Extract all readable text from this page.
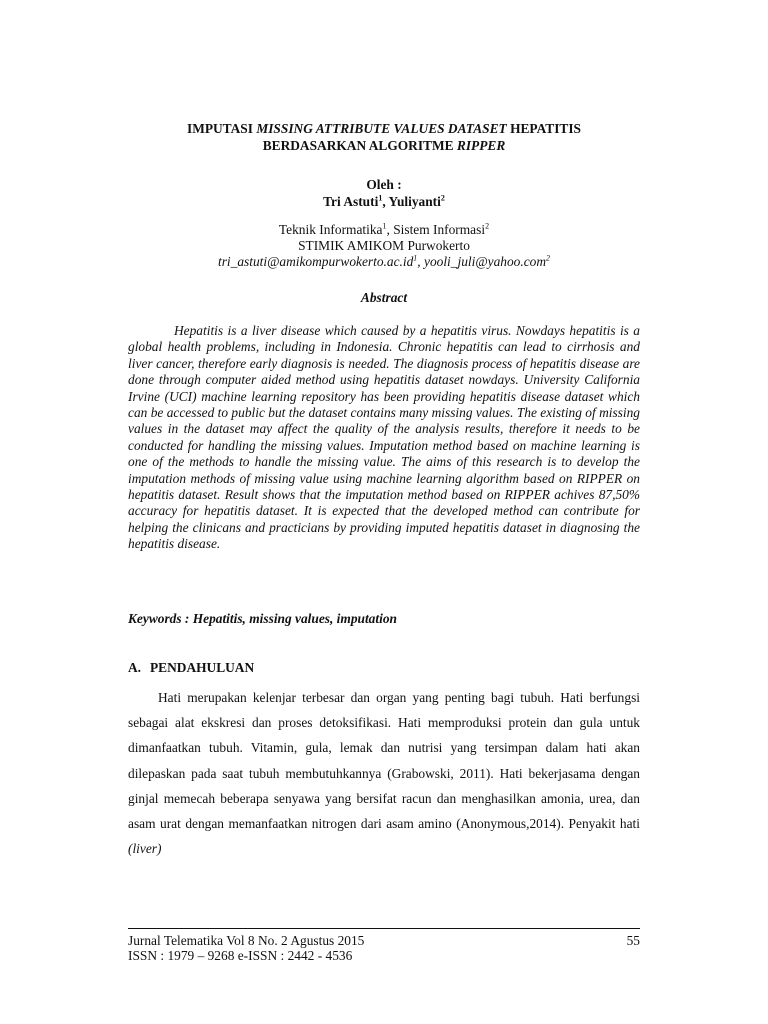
IMPUTASI MISSING ATTRIBUTE VALUES DATASET HEPATITIS
BERDASARKAN ALGORITME RIPPER
Oleh :
Tri Astuti$^1$, Yuliyanti$^2$
Teknik Informatika$^1$, Sistem Informasi$^2$
STIMIK AMIKOM Purwokerto
$tri\_astuti@amikompurwokerto.ac.id^1$, yooli_juli@yahoo.com$^2$
Abstract

Hepatitis is a liver disease which caused by a hepatitis virus. Nowdays hepatitis is a global health problems, including in Indonesia. Chronic hepatitis can lead to cirrhosis and liver cancer, therefore early diagnosis is needed. The diagnosis process of hepatitis disease are done through computer aided method using hepatitis dataset nowdays. University California Irvine (UCI) machine learning repository has been providing hepatitis disease dataset which can be accessed to public but the dataset contains many missing values. The existing of missing values in the dataset may affect the quality of the analysis results, therefore it needs to be conducted for handling the missing values. Imputation method based on machine learning is one of the methods to handle the missing value. The aims of this research is to develop the imputation methods of missing value using machine learning algorithm based on RIPPER on hepatitis dataset. Result shows that the imputation method based on RIPPER achives 87,50% accuracy for hepatitis dataset. It is expected that the developed method can contribute for helping the clinicans and practicians by providing imputed hepatitis dataset in diagnosing the hepatitis disease.

Keywords : Hepatitis, missing values, imputation
A. PENDAHULUAN

Hati merupakan kelenjar terbesar dan organ yang penting bagi tubuh. Hati berfungsi sebagai alat ekskresi dan proses detoksifikasi. Hati memproduksi protein dan gula untuk dimanfaatkan tubuh. Vitamin, gula, lemak dan nutrisi yang tersimpan dalam hati akan dilepaskan pada saat tubuh membutuhkannya (Grabowski, 2011). Hati bekerjasama dengan ginjal memecah beberapa senyawa yang bersifat racun dan menghasilkan amonia, urea, dan asam urat dengan memanfaatkan nitrogen dari asam amino (Anonymous,2014). Penyakit hati (liver)

Jurnal Telematika Vol 8 No. 2 Agustus 2015
ISSN : 1979 – 9268 e-ISSN : 2442 - 4536
55
